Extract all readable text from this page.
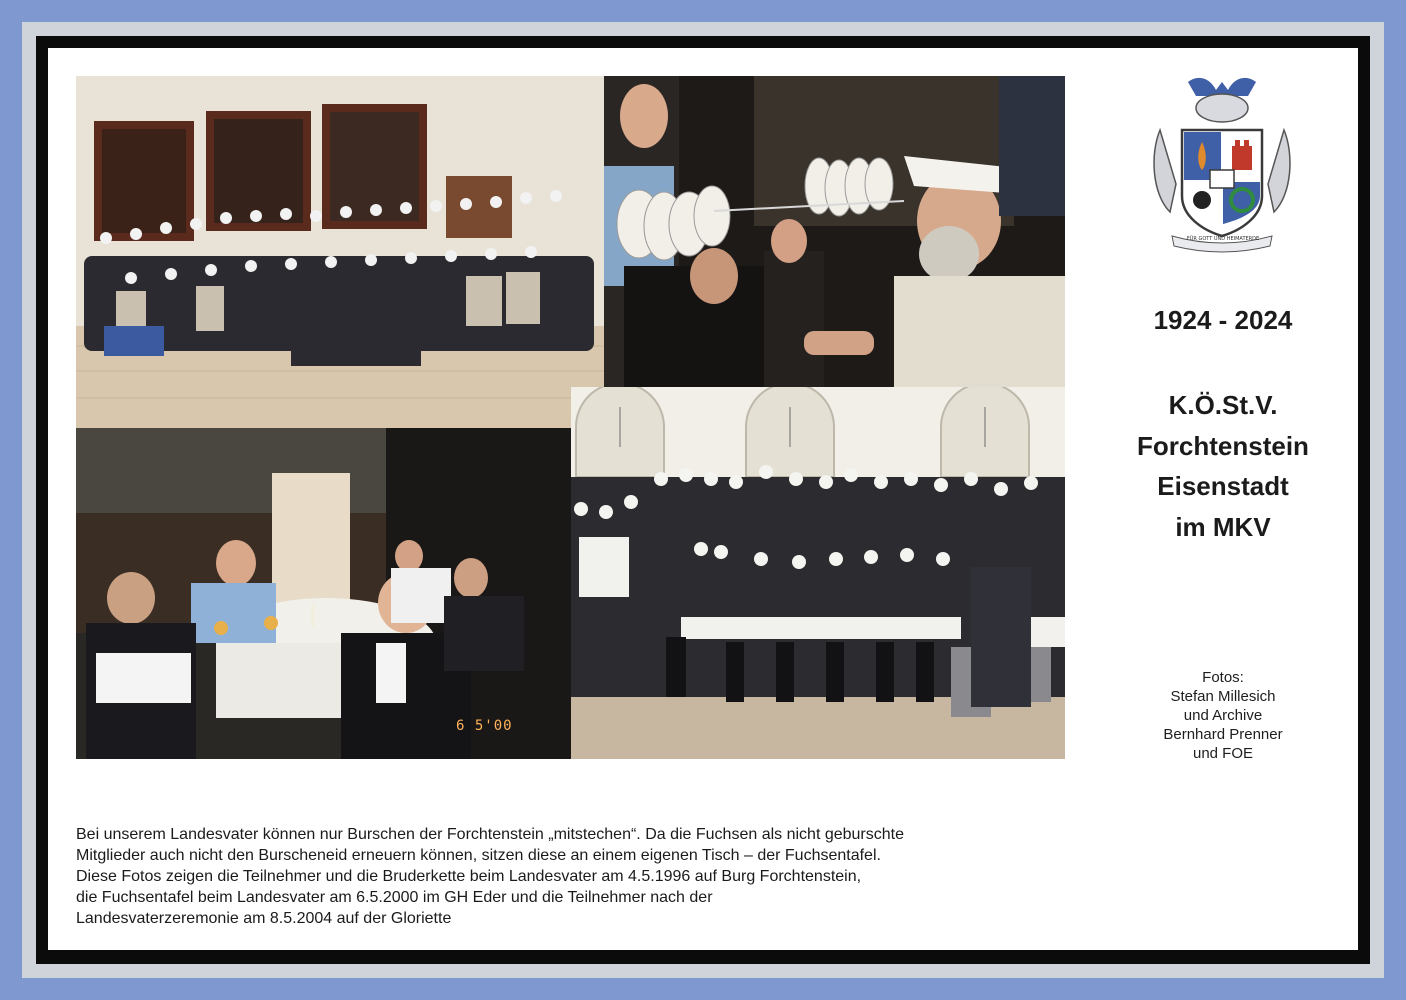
6 5'00
FÜR GOTT UND HEIMATERDE
1924 - 2024
K.Ö.St.V.
Forchtenstein
Eisenstadt
im MKV
Fotos:
Stefan Millesich
und Archive
Bernhard Prenner
und FOE
Bei unserem Landesvater können nur Burschen der Forchtenstein „mitstechen“. Da die Fuchsen als nicht geburschte
Mitglieder auch nicht den Burscheneid erneuern können, sitzen diese an einem eigenen Tisch – der Fuchsentafel.
Diese Fotos zeigen die Teilnehmer und die Bruderkette beim Landesvater am 4.5.1996 auf Burg Forchtenstein,
die Fuchsentafel beim Landesvater am 6.5.2000 im GH Eder und die Teilnehmer nach der
Landesvaterzeremonie am 8.5.2004 auf der Gloriette
